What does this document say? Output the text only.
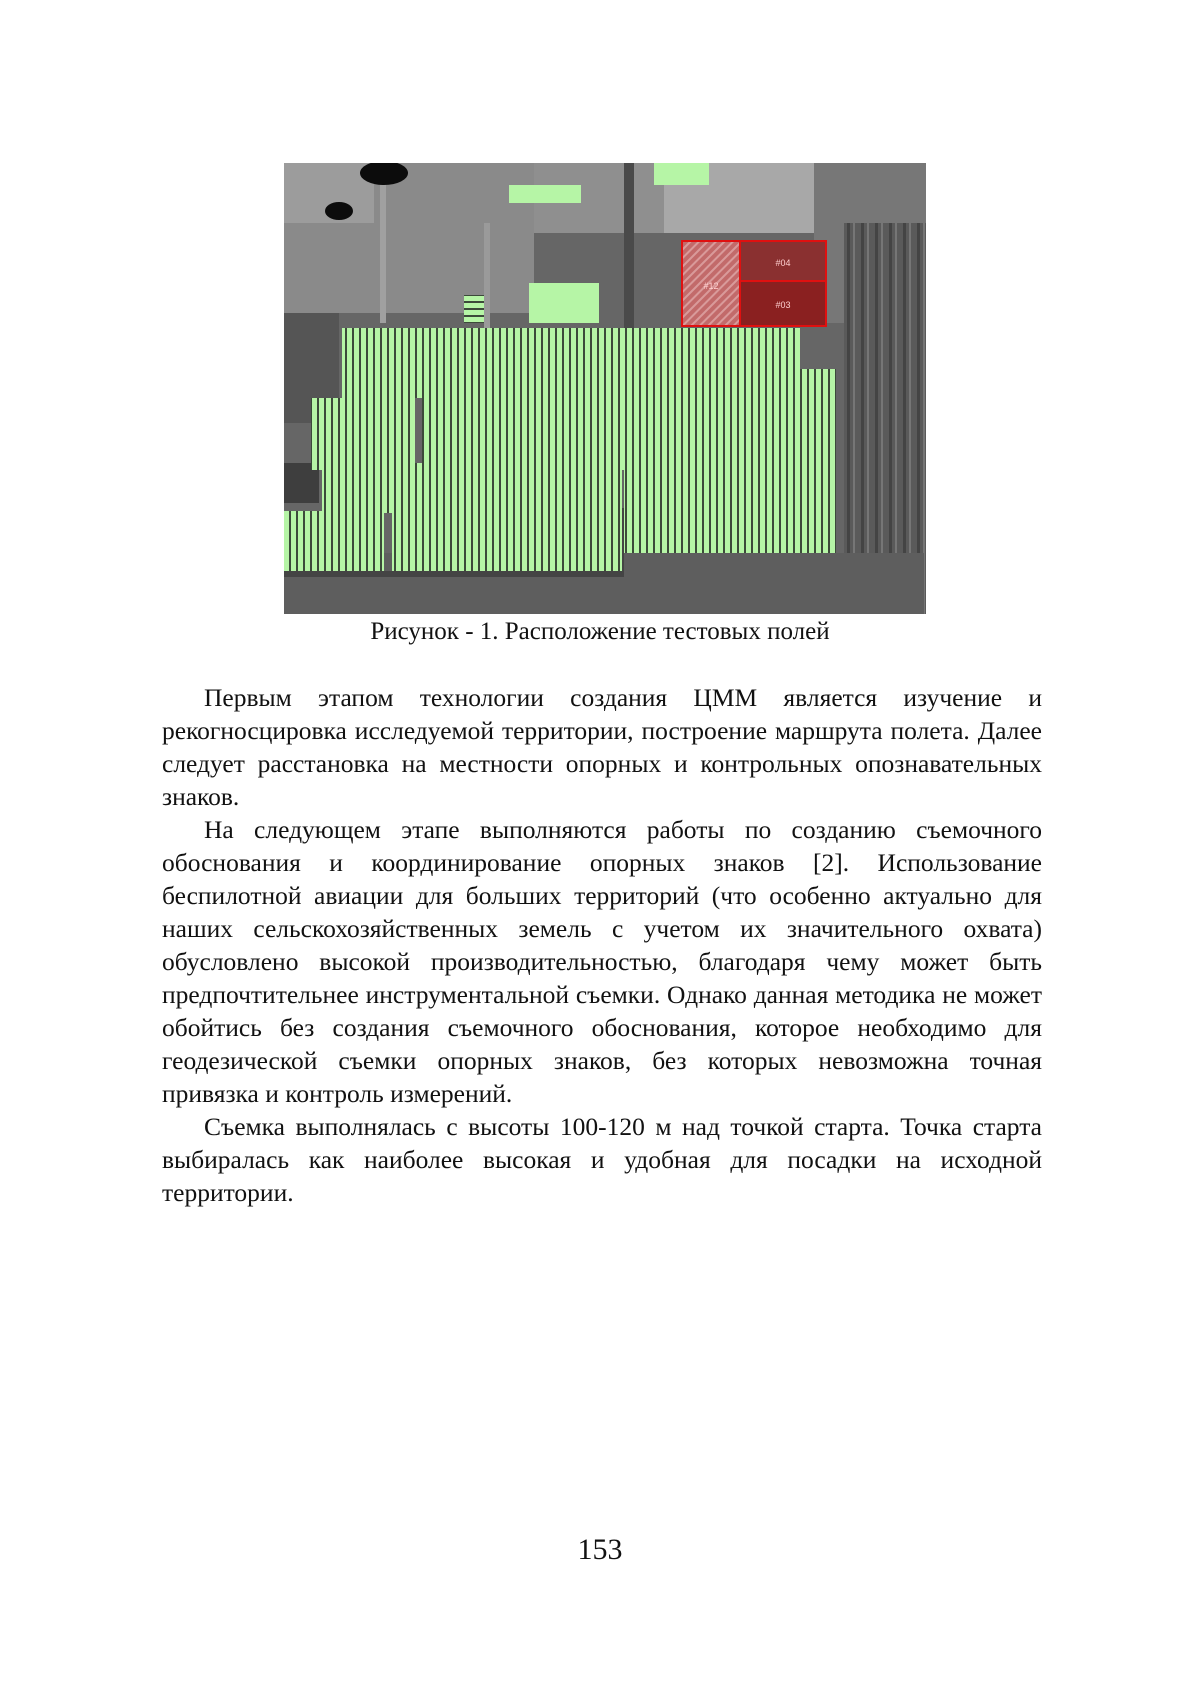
#12
#04
#03
Рисунок - 1. Расположение тестовых полей

Первым этапом технологии создания ЦММ является изучение и рекогносцировка исследуемой территории, построение маршрута полета. Далее следует расстановка на местности опорных и контрольных опознавательных знаков.

На следующем этапе выполняются работы по созданию съемочного обоснования и координирование опорных знаков [2]. Использование беспилотной авиации для больших территорий (что особенно актуально для наших сельскохозяйственных земель с учетом их значительного охвата) обусловлено высокой производительностью, благодаря чему может быть предпочтительнее инструментальной съемки. Однако данная методика не может обойтись без создания съемочного обоснования, которое необходимо для геодезической съемки опорных знаков, без которых невозможна точная привязка и контроль измерений.

Съемка выполнялась с высоты 100-120 м над точкой старта. Точка старта выбиралась как наиболее высокая и удобная для посадки на исходной территории.

153
